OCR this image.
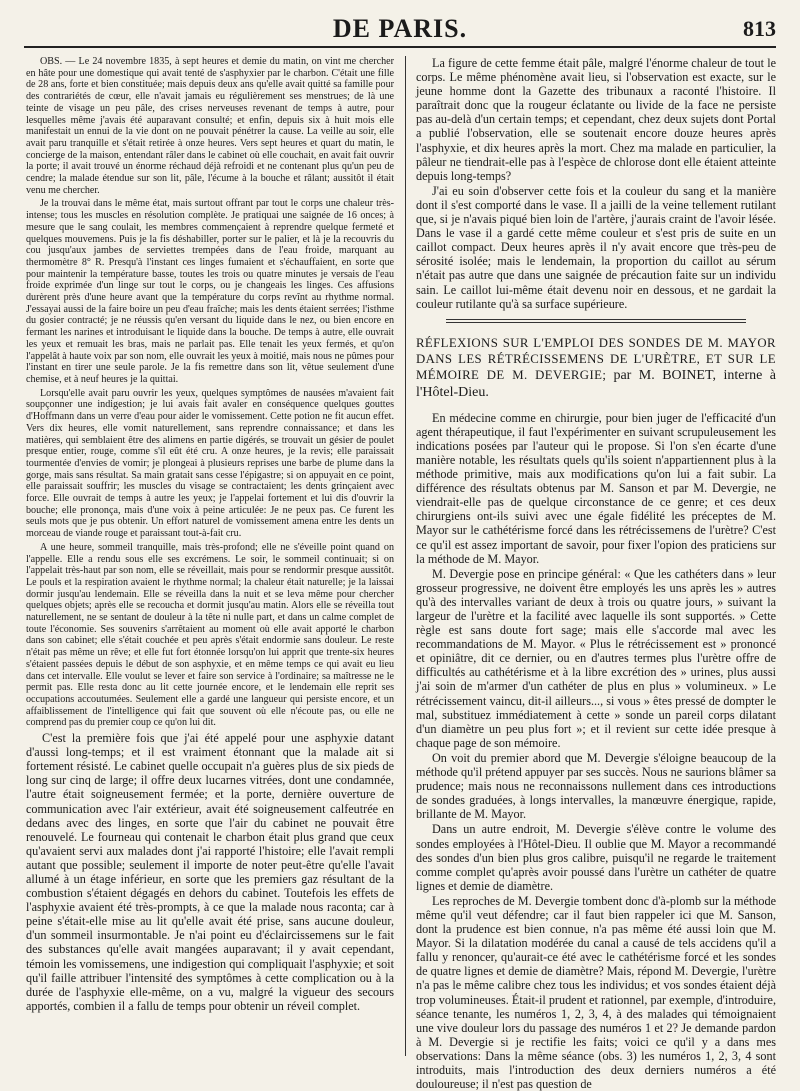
DE PARIS.	813

OBS. — Le 24 novembre 1835, à sept heures et demie du matin, on vint me chercher en hâte pour une domestique qui avait tenté de s'asphyxier par le charbon. C'était une fille de 28 ans, forte et bien constituée; mais depuis deux ans qu'elle avait quitté sa famille pour des contrariétés de cœur, elle n'avait jamais eu régulièrement ses menstrues; de là une teinte de visage un peu pâle, des crises nerveuses revenant de temps à autre, pour lesquelles même j'avais été auparavant consulté; et enfin, depuis six à huit mois elle manifestait un ennui de la vie dont on ne pouvait pénétrer la cause. La veille au soir, elle avait paru tranquille et s'était retirée à onze heures. Vers sept heures et quart du matin, le concierge de la maison, entendant râler dans le cabinet où elle couchait, en avait fait ouvrir la porte; il avait trouvé un énorme réchaud déjà refroidi et ne contenant plus qu'un peu de cendre; la malade étendue sur son lit, pâle, l'écume à la bouche et râlant; aussitôt il était venu me chercher.

Je la trouvai dans le même état, mais surtout offrant par tout le corps une chaleur très-intense; tous les muscles en résolution complète. Je pratiquai une saignée de 16 onces; à mesure que le sang coulait, les membres commençaient à reprendre quelque fermeté et quelques mouvemens. Puis je la fis déshabiller, porter sur le palier, et là je la recouvris du cou jusqu'aux jambes de serviettes trempées dans de l'eau froide, marquant au thermomètre 8° R. Presqu'à l'instant ces linges fumaient et s'échauffaient, en sorte que pour maintenir la température basse, toutes les trois ou quatre minutes je versais de l'eau froide exprimée d'un linge sur tout le corps, ou je changeais les linges. Ces affusions durèrent près d'une heure avant que la température du corps revînt au rhythme normal. J'essayai aussi de la faire boire un peu d'eau fraîche; mais les dents étaient serrées; l'isthme du gosier contracté; je ne réussis qu'en versant du liquide dans le nez, ou bien encore en fermant les narines et introduisant le liquide dans la bouche. De temps à autre, elle ouvrait les yeux et remuait les bras, mais ne parlait pas. Elle tenait les yeux fermés, et qu'on l'appelât à haute voix par son nom, elle ouvrait les yeux à moitié, mais nous ne pûmes pour l'instant en tirer une seule parole. Je la fis remettre dans son lit, vêtue seulement d'une chemise, et à neuf heures je la quittai.

Lorsqu'elle avait paru ouvrir les yeux, quelques symptômes de nausées m'avaient fait soupçonner une indigestion; je lui avais fait avaler en conséquence quelques gouttes d'Hoffmann dans un verre d'eau pour aider le vomissement. Cette potion ne fit aucun effet. Vers dix heures, elle vomit naturellement, sans reprendre connaissance; et dans les matières, qui semblaient être des alimens en partie digérés, se trouvait un gésier de poulet presque entier, rouge, comme s'il eût été cru. A onze heures, je la revis; elle paraissait tourmentée d'envies de vomir; je plongeai à plusieurs reprises une barbe de plume dans la gorge, mais sans résultat. Sa main gratait sans cesse l'épigastre; si on appuyait en ce point, elle paraissait souffrir; les muscles du visage se contractaient; les dents grinçaient avec force. Elle ouvrait de temps à autre les yeux; je l'appelai fortement et lui dis d'ouvrir la bouche; elle prononça, mais d'une voix à peine articulée: Je ne peux pas. Ce furent les seuls mots que je pus obtenir. Un effort naturel de vomissement amena entre les dents un morceau de viande rouge et paraissant tout-à-fait cru.

A une heure, sommeil tranquille, mais très-profond; elle ne s'éveille point quand on l'appelle. Elle a rendu sous elle ses excrémens. Le soir, le sommeil continuait; si on l'appelait très-haut par son nom, elle se réveillait, mais pour se rendormir presque aussitôt. Le pouls et la respiration avaient le rhythme normal; la chaleur était naturelle; je la laissai dormir jusqu'au lendemain. Elle se réveilla dans la nuit et se leva même pour chercher quelques objets; après elle se recoucha et dormit jusqu'au matin. Alors elle se réveilla tout naturellement, ne se sentant de douleur à la tête ni nulle part, et dans un calme complet de toute l'économie. Ses souvenirs s'arrêtaient au moment où elle avait apporté le charbon dans son cabinet; elle s'était couchée et peu après s'était endormie sans douleur. Le reste n'était pas même un rêve; et elle fut fort étonnée lorsqu'on lui apprit que trente-six heures s'étaient passées depuis le début de son asphyxie, et en même temps ce qui avait eu lieu dans cet intervalle. Elle voulut se lever et faire son service à l'ordinaire; sa maîtresse ne le permit pas. Elle resta donc au lit cette journée encore, et le lendemain elle reprit ses occupations accoutumées. Seulement elle a gardé une langueur qui persiste encore, et un affaiblissement de l'intelligence qui fait que souvent où elle n'écoute pas, ou elle ne comprend pas du premier coup ce qu'on lui dit.

C'est la première fois que j'ai été appelé pour une asphyxie datant d'aussi long-temps; et il est vraiment étonnant que la malade ait si fortement résisté. Le cabinet quelle occupait n'a guères plus de six pieds de long sur cinq de large; il offre deux lucarnes vitrées, dont une condamnée, l'autre était soigneusement fermée; et la porte, dernière ouverture de communication avec l'air extérieur, avait été soigneusement calfeutrée en dedans avec des linges, en sorte que l'air du cabinet ne pouvait être renouvelé. Le fourneau qui contenait le charbon était plus grand que ceux qu'avaient servi aux malades dont j'ai rapporté l'histoire; elle l'avait rempli autant que possible; seulement il importe de noter peut-être qu'elle l'avait allumé à un étage inférieur, en sorte que les premiers gaz résultant de la combustion s'étaient dégagés en dehors du cabinet. Toutefois les effets de l'asphyxie avaient été très-prompts, à ce que la malade nous raconta; car à peine s'était-elle mise au lit qu'elle avait été prise, sans aucune douleur, d'un sommeil insurmontable. Je n'ai point eu d'éclaircissemens sur le fait des substances qu'elle avait mangées auparavant; il y avait cependant, témoin les vomissemens, une indigestion qui compliquait l'asphyxie; et soit qu'il faille attribuer l'intensité des symptômes à cette complication ou à la durée de l'asphyxie elle-même, on a vu, malgré la vigueur des secours apportés, combien il a fallu de temps pour obtenir un réveil complet.

La figure de cette femme était pâle, malgré l'énorme chaleur de tout le corps. Le même phénomène avait lieu, si l'observation est exacte, sur le jeune homme dont la Gazette des tribunaux a raconté l'histoire. Il paraîtrait donc que la rougeur éclatante ou livide de la face ne persiste pas au-delà d'un certain temps; et cependant, chez deux sujets dont Portal a publié l'observation, elle se soutenait encore douze heures après l'asphyxie, et dix heures après la mort. Chez ma malade en particulier, la pâleur ne tiendrait-elle pas à l'espèce de chlorose dont elle étaient atteinte depuis long-temps?

J'ai eu soin d'observer cette fois et la couleur du sang et la manière dont il s'est comporté dans le vase. Il a jailli de la veine tellement rutilant que, si je n'avais piqué bien loin de l'artère, j'aurais craint de l'avoir lésée. Dans le vase il a gardé cette même couleur et s'est pris de suite en un caillot compact. Deux heures après il n'y avait encore que très-peu de sérosité isolée; mais le lendemain, la proportion du caillot au sérum n'était pas autre que dans une saignée de précaution faite sur un individu sain. Le caillot lui-même était devenu noir en dessous, et ne gardait la couleur rutilante qu'à sa surface supérieure.

RÉFLEXIONS SUR L'EMPLOI DES SONDES DE M. MAYOR DANS LES RÉTRÉCISSEMENS DE L'URÈTRE, ET SUR LE MÉMOIRE DE M. DEVERGIE; par M. BOINET, interne à l'Hôtel-Dieu.

En médecine comme en chirurgie, pour bien juger de l'efficacité d'un agent thérapeutique, il faut l'expérimenter en suivant scrupuleusement les indications posées par l'auteur qui le propose. Si l'on s'en écarte d'une manière notable, les résultats quels qu'ils soient n'appartiennent plus à la méthode primitive, mais aux modifications qu'on lui a fait subir. La différence des résultats obtenus par M. Sanson et par M. Devergie, ne viendrait-elle pas de quelque circonstance de ce genre; et ces deux chirurgiens ont-ils suivi avec une égale fidélité les préceptes de M. Mayor sur le cathétérisme forcé dans les rétrécissemens de l'urètre? C'est ce qu'il est assez important de savoir, pour fixer l'opion des praticiens sur la méthode de M. Mayor.

M. Devergie pose en principe général: « Que les cathéters dans » leur grosseur progressive, ne doivent être employés les uns après les » autres qu'à des intervalles variant de deux à trois ou quatre jours, » suivant la largeur de l'urètre et la facilité avec laquelle ils sont supportés. » Cette règle est sans doute fort sage; mais elle s'accorde mal avec les recommandations de M. Mayor. « Plus le rétrécissement est » prononcé et opiniâtre, dit ce dernier, ou en d'autres termes plus l'urètre offre de difficultés au cathétérisme et à la libre excrétion des » urines, plus aussi j'ai soin de m'armer d'un cathéter de plus en plus » volumineux. » Le rétrécissement vaincu, dit-il ailleurs..., si vous » êtes pressé de dompter le mal, substituez immédiatement à cette » sonde un pareil corps dilatant d'un diamètre un peu plus fort »; et il revient sur cette idée presque à chaque page de son mémoire.

On voit du premier abord que M. Devergie s'éloigne beaucoup de la méthode qu'il prétend appuyer par ses succès. Nous ne saurions blâmer sa prudence; mais nous ne reconnaissons nullement dans ces introductions de sondes graduées, à longs intervalles, la manœuvre énergique, rapide, brillante de M. Mayor.

Dans un autre endroit, M. Devergie s'élève contre le volume des sondes employées à l'Hôtel-Dieu. Il oublie que M. Mayor a recommandé des sondes d'un bien plus gros calibre, puisqu'il ne regarde le traitement comme complet qu'après avoir poussé dans l'urètre un cathéter de quatre lignes et demie de diamètre.

Les reproches de M. Devergie tombent donc d'à-plomb sur la méthode même qu'il veut défendre; car il faut bien rappeler ici que M. Sanson, dont la prudence est bien connue, n'a pas même été aussi loin que M. Mayor. Si la dilatation modérée du canal a causé de tels accidens qu'il a fallu y renoncer, qu'aurait-ce été avec le cathétérisme forcé et les sondes de quatre lignes et demie de diamètre? Mais, répond M. Devergie, l'urètre n'a pas le même calibre chez tous les individus; et vos sondes étaient déjà trop volumineuses. Était-il prudent et rationnel, par exemple, d'introduire, séance tenante, les numéros 1, 2, 3, 4, à des malades qui témoignaient une vive douleur lors du passage des numéros 1 et 2? Je demande pardon à M. Devergie si je rectifie les faits; voici ce qu'il y a dans mes observations: Dans la même séance (obs. 3) les numéros 1, 2, 3, 4 sont introduits, mais l'introduction des deux derniers numéros a été douloureuse; il n'est pas question de
